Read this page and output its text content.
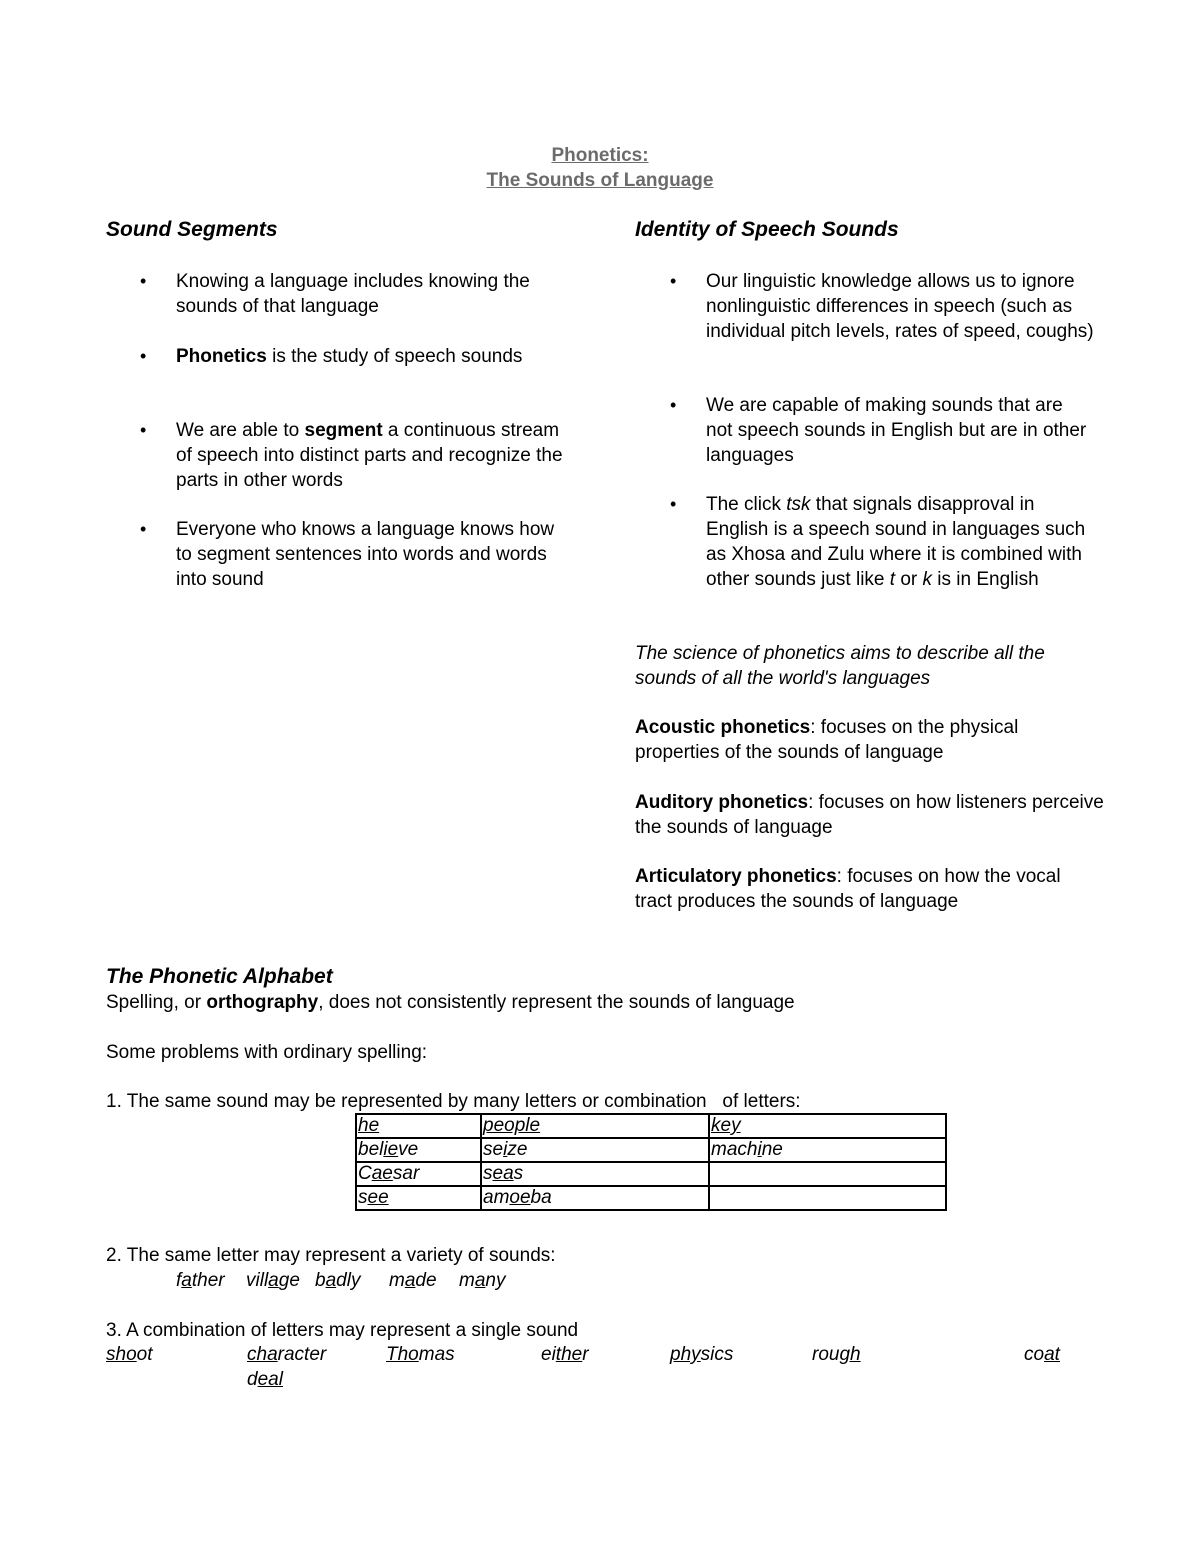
Phonetics:
The Sounds of Language
Sound Segments
• Knowing a language includes knowing the sounds of that language
• Phonetics is the study of speech sounds
• We are able to segment a continuous stream of speech into distinct parts and recognize the parts in other words
• Everyone who knows a language knows how to segment sentences into words and words into sound
Identity of Speech Sounds
• Our linguistic knowledge allows us to ignore nonlinguistic differences in speech (such as individual pitch levels, rates of speed, coughs)
• We are capable of making sounds that are not speech sounds in English but are in other languages
• The click tsk that signals disapproval in English is a speech sound in languages such as Xhosa and Zulu where it is combined with other sounds just like t or k is in English
The science of phonetics aims to describe all the sounds of all the world's languages
Acoustic phonetics: focuses on the physical properties of the sounds of language
Auditory phonetics: focuses on how listeners perceive the sounds of language
Articulatory phonetics: focuses on how the vocal tract produces the sounds of language
The Phonetic Alphabet
Spelling, or orthography, does not consistently represent the sounds of language
Some problems with ordinary spelling:
1. The same sound may be represented by many letters or combination   of letters:
he	people	key
believe	seize	machine
Caesar	seas	
see	amoeba	
2. The same letter may represent a variety of sounds:
father village badly made many
3. A combination of letters may represent a single sound
shoot	character	Thomas	either	physics	rough	coat
deal
